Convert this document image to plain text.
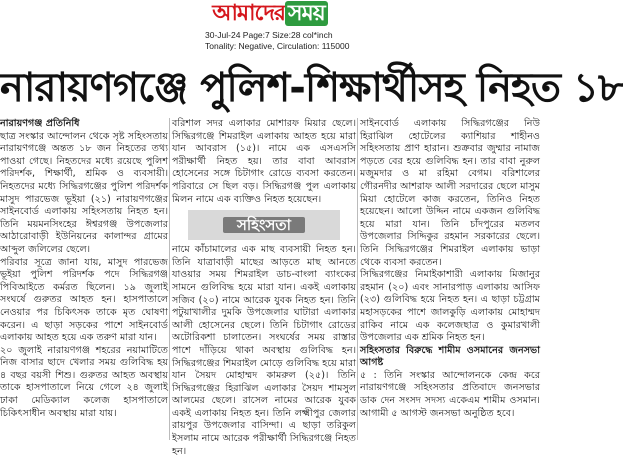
আমাদের সময়
30-Jul-24 Page:7 Size:28 col*inch
Tonality: Negative, Circulation: 115000
নারায়ণগঞ্জে পুলিশ-শিক্ষার্থীসহ নিহত ১৮

নারায়ণগঞ্জ প্রতিনিধি

ছাত্র সংস্কার আন্দোলন থেকে সৃষ্ট সহিংসতায় নারায়ণগঞ্জে অন্তত ১৮ জন নিহতের তথ্য পাওয়া গেছে। নিহতদের মধ্যে রয়েছে পুলিশ পরিদর্শক, শিক্ষার্থী, শ্রমিক ও ব্যবসায়ী। নিহতদের মধ্যে সিদ্ধিরগঞ্জের পুলিশ পরিদর্শক মাসুদ পারভেজ ভূইয়া (২১) নারায়ণগঞ্জের সাইনবোর্ড এলাকায় সহিংসতায় নিহত হন। তিনি ময়মনসিংহের ঈশ্বরগঞ্জ উপজেলার আঠারোবাড়ী ইউনিয়নের কালান্দর গ্রামের আব্দুল জলিলের ছেলে।

পরিবার সূত্রে জানা যায়, মাসুদ পারভেজ ভূইয়া পুলিশ পরিদর্শক পদে সিদ্ধিরগঞ্জ পিবিআইতে কর্মরত ছিলেন। ১৯ জুলাই সংঘর্ষে গুরুতর আহত হন। হাসপাতালে নেওয়ার পর চিকিৎসক তাকে মৃত ঘোষণা করেন। এ ছাড়া সড়কের পাশে সাইনবোর্ড এলাকায় আহত হয়ে এক তরুণ মারা যান।

২০ জুলাই নারায়ণগঞ্জ শহরের নয়ামাটিতে নিজ বাসার ছাদে খেলার সময় গুলিবিদ্ধ হয় ৪ বছর বয়সী শিশু। গুরুতর আহত অবস্থায় তাকে হাসপাতালে নিয়ে গেলে ২৪ জুলাই ঢাকা মেডিক্যাল কলেজ হাসপাতালে চিকিৎসাধীন অবস্থায় মারা যায়।

বরিশাল সদর এলাকার মোশারফ মিয়ার ছেলে। সিদ্ধিরগঞ্জে শিমরাইল এলাকায় আহত হয়ে মারা যান আবরাস (১৫)। নামে এক এসএসসি পরীক্ষার্থী নিহত হয়। তার বাবা আবরাস হোসেনের সঙ্গে চিটাগাং রোডে ব্যবসা করতেন। পরিবারে সে ছিল বড়। সিদ্ধিরগঞ্জ পুল এলাকায় মিলন নামে এক ব্যক্তিও নিহত হয়েছেন।

সহিংসতা

নামে কাঁচামালের এক মাছ ব্যবসায়ী নিহত হন। তিনি যাত্রাবাড়ী মাছের আড়তে মাছ আনতে যাওয়ার সময় শিমরাইল ডাচ-বাংলা ব্যাংকের সামনে গুলিবিদ্ধ হয়ে মারা যান। একই এলাকায় সজিব (২০) নামে আরেক যুবক নিহত হন। তিনি পটুয়াখালীর দুমকি উপজেলার ঘাটারা এলাকার আলী হোসেনের ছেলে। তিনি চিটাগাং রোডের অটোরিকশা চালাতেন। সংঘর্ষের সময় রাস্তার পাশে দাঁড়িয়ে থাকা অবস্থায় গুলিবিদ্ধ হন। সিদ্ধিরগঞ্জের শিমরাইল মোড়ে গুলিবিদ্ধ হয়ে মারা যান সৈয়দ মোহাম্মদ কামরুল (২৫)। তিনি সিদ্ধিরগঞ্জের হিরাঝিল এলাকার সৈয়দ শামসুল আলমের ছেলে। রাসেল নামের আরেক যুবক একই এলাকায় নিহত হন। তিনি লক্ষ্মীপুর জেলার রায়পুর উপজেলার বাসিন্দা। এ ছাড়া তরিকুল ইসলাম নামে আরেক পরীক্ষার্থী সিদ্ধিরগঞ্জে নিহত হন।

সাইনবোর্ড এলাকায় সিদ্ধিরগঞ্জের নিউ হিরাঝিল হোটেলের ক্যাশিয়ার শাহীনও সহিংসতায় প্রাণ হারান। শুক্রবার জুম্মার নামাজ পড়তে বের হয়ে গুলিবিদ্ধ হন। তার বাবা নুরুল মজুমদার ও মা রহিমা বেগম। বরিশালের গৌরনদীর আশরাফ আলী সরদারের ছেলে মাসুম মিয়া হোটেলে কাজ করতেন, তিনিও নিহত হয়েছেন। আলো উদ্দিন নামে একজন গুলিবিদ্ধ হয়ে মারা যান। তিনি চাঁদপুরের মতলব উপজেলার সিদ্দিকুর রহমান সরকারের ছেলে। তিনি সিদ্ধিরগঞ্জের শিমরাইল এলাকায় ভাড়া থেকে ব্যবসা করতেন।

সিদ্ধিরগঞ্জের নিমাইকাশারী এলাকায় মিজানুর রহমান (২০) এবং সানারপাড় এলাকায় আসিফ (২৩) গুলিবিদ্ধ হয়ে নিহত হন। এ ছাড়া চট্টগ্রাম মহাসড়কের পাশে জালকুড়ি এলাকায় মোহাম্মদ রাকিব নামে এক কলেজছাত্র ও কুমারখালী উপজেলার এক শ্রমিক নিহত হন।

সহিংসতার বিরুদ্ধে শামীম ওসমানের জনসভা আগষ্ট

৫ : তিনি সংস্কার আন্দোলনকে কেন্দ্র করে নারায়ণগঞ্জে সহিংসতার প্রতিবাদে জনসভার ডাক দেন সংসদ সদস্য একেএম শামীম ওসমান। আগামী ৫ আগস্ট জনসভা অনুষ্ঠিত হবে।
